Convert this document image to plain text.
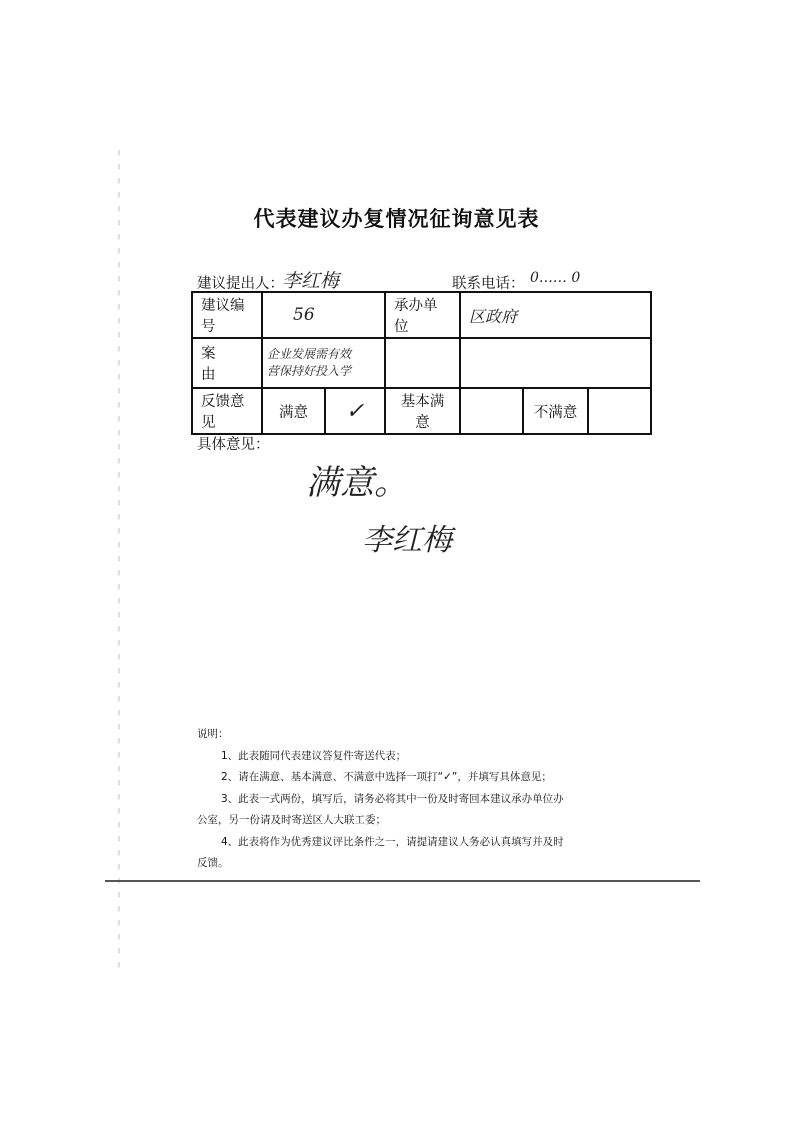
代表建议办复情况征询意见表
建议提出人：
李红梅	联系电话： 0…… 0
建议编号	56		承办单位	区政府		
案　　由	企业发展需有效
营保持好投入学					

反馈意见	满意	✓	基本满意		不满意	
具体意见：
满意。
李红梅
说明：
1、此表随同代表建议答复件寄送代表；
2、请在满意、基本满意、不满意中选择一项打“✓”，并填写具体意见；
3、此表一式两份，填写后，请务必将其中一份及时寄回本建议承办单位办
公室，另一份请及时寄送区人大联工委；
4、此表将作为优秀建议评比条件之一，请提请建议人务必认真填写并及时
反馈。
